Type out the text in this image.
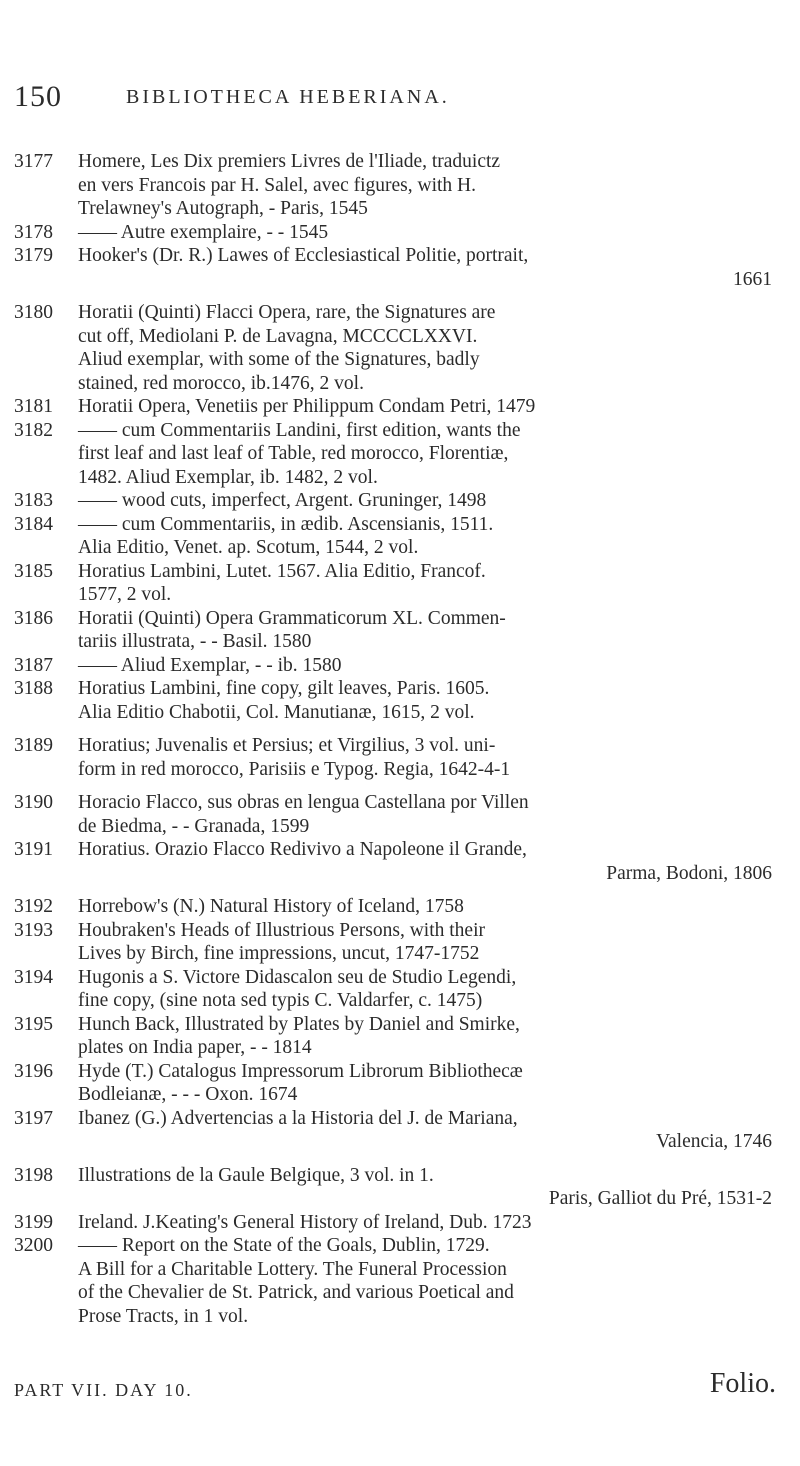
150	BIBLIOTHECA HEBERIANA.
3177	Homere, Les Dix premiers Livres de l'Iliade, traduictz
en vers Francois par H. Salel, avec figures, with H.
Trelawney's Autograph, - Paris, 1545
3178	—— Autre exemplaire, - - 1545
3179	Hooker's (Dr. R.) Lawes of Ecclesiastical Politie, portrait,
1661
3180	Horatii (Quinti) Flacci Opera, rare, the Signatures are
cut off, Mediolani P. de Lavagna, MCCCCLXXVI.
Aliud exemplar, with some of the Signatures, badly
stained, red morocco, ib.1476, 2 vol.
3181	Horatii Opera, Venetiis per Philippum Condam Petri, 1479
3182	—— cum Commentariis Landini, first edition, wants the
first leaf and last leaf of Table, red morocco, Florentiæ,
1482. Aliud Exemplar, ib. 1482, 2 vol.
3183	—— wood cuts, imperfect, Argent. Gruninger, 1498
3184	—— cum Commentariis, in ædib. Ascensianis, 1511.
Alia Editio, Venet. ap. Scotum, 1544, 2 vol.
3185	Horatius Lambini, Lutet. 1567. Alia Editio, Francof.
1577, 2 vol.
3186	Horatii (Quinti) Opera Grammaticorum XL. Commen-
tariis illustrata, - - Basil. 1580
3187	—— Aliud Exemplar, - - ib. 1580
3188	Horatius Lambini, fine copy, gilt leaves, Paris. 1605.
Alia Editio Chabotii, Col. Manutianæ, 1615, 2 vol.
3189	Horatius; Juvenalis et Persius; et Virgilius, 3 vol. uni-
form in red morocco, Parisiis e Typog. Regia, 1642-4-1
3190	Horacio Flacco, sus obras en lengua Castellana por Villen
de Biedma, - - Granada, 1599
3191	Horatius. Orazio Flacco Redivivo a Napoleone il Grande,
Parma, Bodoni, 1806
3192	Horrebow's (N.) Natural History of Iceland, 1758
3193	Houbraken's Heads of Illustrious Persons, with their
Lives by Birch, fine impressions, uncut, 1747-1752
3194	Hugonis a S. Victore Didascalon seu de Studio Legendi,
fine copy, (sine nota sed typis C. Valdarfer, c. 1475)
3195	Hunch Back, Illustrated by Plates by Daniel and Smirke,
plates on India paper, - - 1814
3196	Hyde (T.) Catalogus Impressorum Librorum Bibliothecæ
Bodleianæ, - - - Oxon. 1674
3197	Ibanez (G.) Advertencias a la Historia del J. de Mariana,
Valencia, 1746
3198	Illustrations de la Gaule Belgique, 3 vol. in 1.
Paris, Galliot du Pré, 1531-2
3199	Ireland. J.Keating's General History of Ireland, Dub. 1723
3200	—— Report on the State of the Goals, Dublin, 1729.
A Bill for a Charitable Lottery. The Funeral Procession
of the Chevalier de St. Patrick, and various Poetical and
Prose Tracts, in 1 vol.
PART VII. DAY 10.	Folio.
